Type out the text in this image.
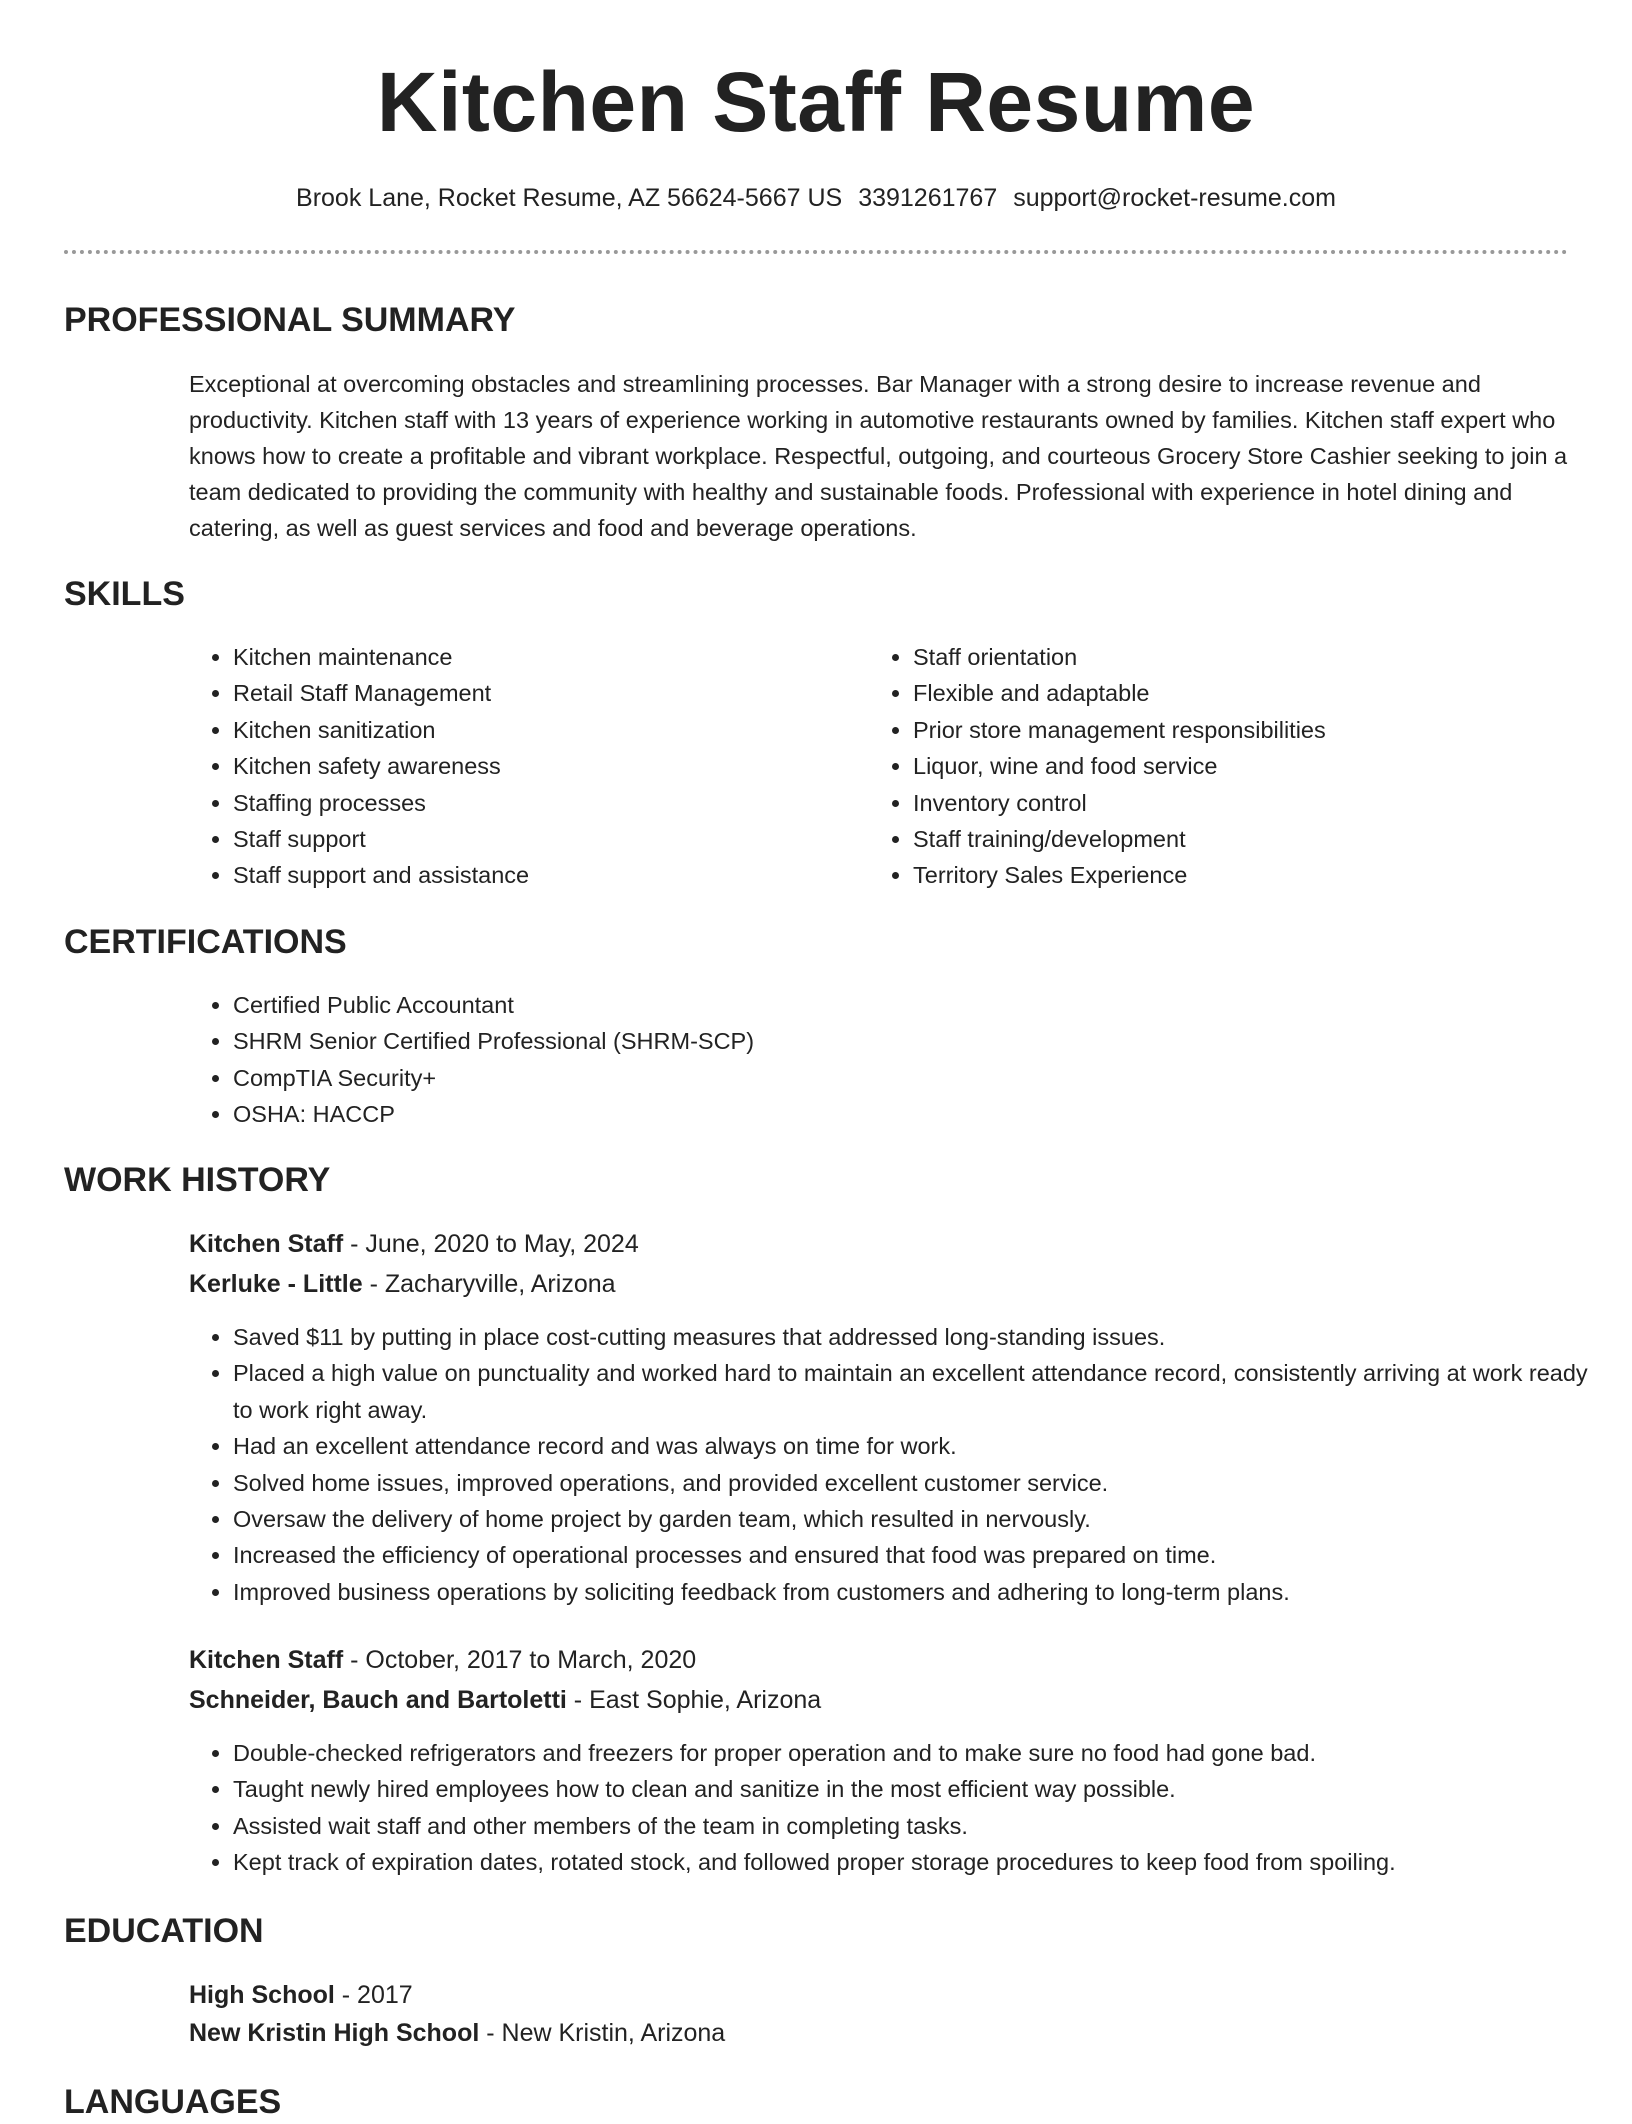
Kitchen Staff Resume
Brook Lane, Rocket Resume, AZ 56624-5667 US 3391261767 support@rocket-resume.com
PROFESSIONAL SUMMARY

Exceptional at overcoming obstacles and streamlining processes. Bar Manager with a strong desire to increase revenue and productivity. Kitchen staff with 13 years of experience working in automotive restaurants owned by families. Kitchen staff expert who knows how to create a profitable and vibrant workplace. Respectful, outgoing, and courteous Grocery Store Cashier seeking to join a team dedicated to providing the community with healthy and sustainable foods. Professional with experience in hotel dining and catering, as well as guest services and food and beverage operations.

SKILLS
• Kitchen maintenance
• Retail Staff Management
• Kitchen sanitization
• Kitchen safety awareness
• Staffing processes
• Staff support
• Staff support and assistance
• Staff orientation
• Flexible and adaptable
• Prior store management responsibilities
• Liquor, wine and food service
• Inventory control
• Staff training/development
• Territory Sales Experience
CERTIFICATIONS
• Certified Public Accountant
• SHRM Senior Certified Professional (SHRM-SCP)
• CompTIA Security+
• OSHA: HACCP
WORK HISTORY
Kitchen Staff - June, 2020 to May, 2024
Kerluke - Little - Zacharyville, Arizona
• Saved $11 by putting in place cost-cutting measures that addressed long-standing issues.
• Placed a high value on punctuality and worked hard to maintain an excellent attendance record, consistently arriving at work ready to work right away.
• Had an excellent attendance record and was always on time for work.
• Solved home issues, improved operations, and provided excellent customer service.
• Oversaw the delivery of home project by garden team, which resulted in nervously.
• Increased the efficiency of operational processes and ensured that food was prepared on time.
• Improved business operations by soliciting feedback from customers and adhering to long-term plans.
Kitchen Staff - October, 2017 to March, 2020
Schneider, Bauch and Bartoletti - East Sophie, Arizona
• Double-checked refrigerators and freezers for proper operation and to make sure no food had gone bad.
• Taught newly hired employees how to clean and sanitize in the most efficient way possible.
• Assisted wait staff and other members of the team in completing tasks.
• Kept track of expiration dates, rotated stock, and followed proper storage procedures to keep food from spoiling.
EDUCATION
High School - 2017
New Kristin High School - New Kristin, Arizona
LANGUAGES
